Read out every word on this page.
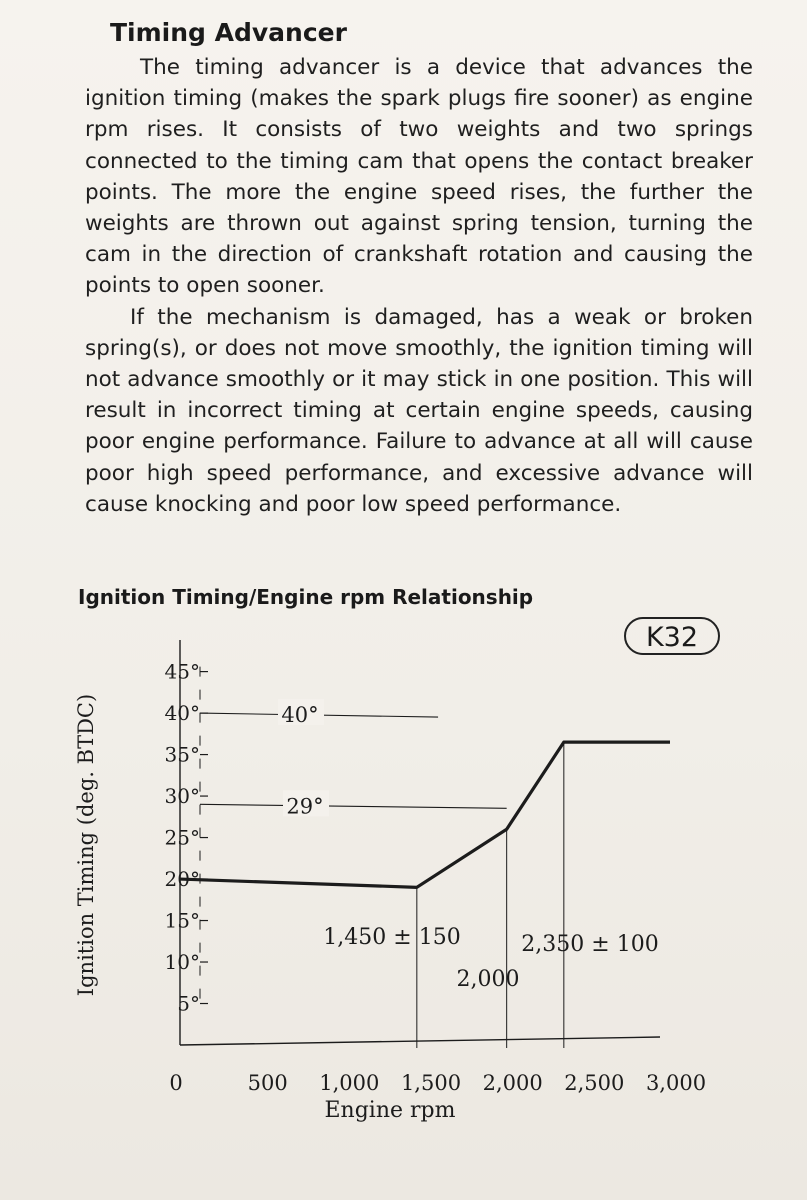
Timing Advancer

The timing advancer is a device that advances the ignition timing (makes the spark plugs fire sooner) as engine rpm rises. It consists of two weights and two springs connected to the timing cam that opens the contact breaker points. The more the engine speed rises, the further the weights are thrown out against spring tension, turning the cam in the direction of crankshaft rotation and causing the points to open sooner.

If the mechanism is damaged, has a weak or broken spring(s), or does not move smoothly, the ignition timing will not advance smoothly or it may stick in one position. This will result in incorrect timing at certain engine speeds, causing poor engine performance. Failure to advance at all will cause poor high speed performance, and excessive advance will cause knocking and poor low speed performance.

Ignition Timing/Engine rpm Relationship
K32
5°
10°
15°
20°
25°
30°
35°
40°
45°
0	500 1,000 1,500 2,000 2,500 3,000
Engine rpm
Ignition Timing (deg. BTDC)	40°
29°
1,450 ± 150
2,000
2,350 ± 100
